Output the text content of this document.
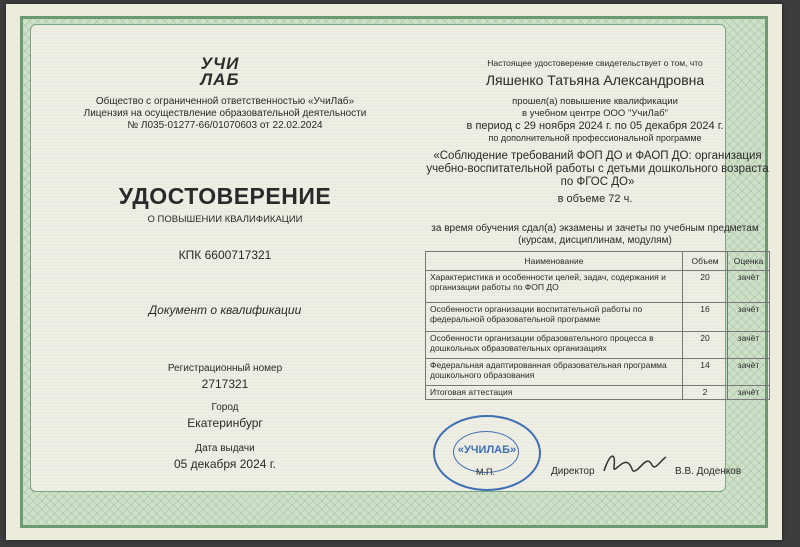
УЧИ
ЛАБ
Общество с ограниченной ответственностью «УчиЛаб»
Лицензия на осуществление образовательной деятельности
№ Л035-01277-66/01070603 от 22.02.2024
УДОСТОВЕРЕНИЕ
О ПОВЫШЕНИИ КВАЛИФИКАЦИИ
КПК 6600717321
Документ о квалификации
Регистрационный номер
2717321
Город
Екатеринбург
Дата выдачи
05 декабря 2024 г.
Настоящее удостоверение свидетельствует о том, что
Ляшенко Татьяна Александровна
прошел(а) повышение квалификации
в учебном центре ООО "УчиЛаб"
в период с 29 ноября 2024 г. по 05 декабря 2024 г.
по дополнительной профессиональной программе
«Соблюдение требований ФОП ДО и ФАОП ДО: организация учебно-воспитательной работы с детьми дошкольного возраста по ФГОС ДО»
в объеме 72 ч.
за время обучения сдал(а) экзамены и зачеты по учебным предметам
(курсам, дисциплинам, модулям)
Наименование	Объем	Оценка
Характеристика и особенности целей, задач, содержания и организации работы по ФОП ДО	20	зачёт
Особенности организации воспитательной работы по федеральной образовательной программе	16	зачёт
Особенности организации образовательного процесса в дошкольных образовательных организациях	20	зачёт
Федеральная адаптированная образовательная программа дошкольного образования	14	зачёт
Итоговая аттестация	2	зачёт
«УЧИЛАБ»
М.П.	Директор	В.В. Доденков
